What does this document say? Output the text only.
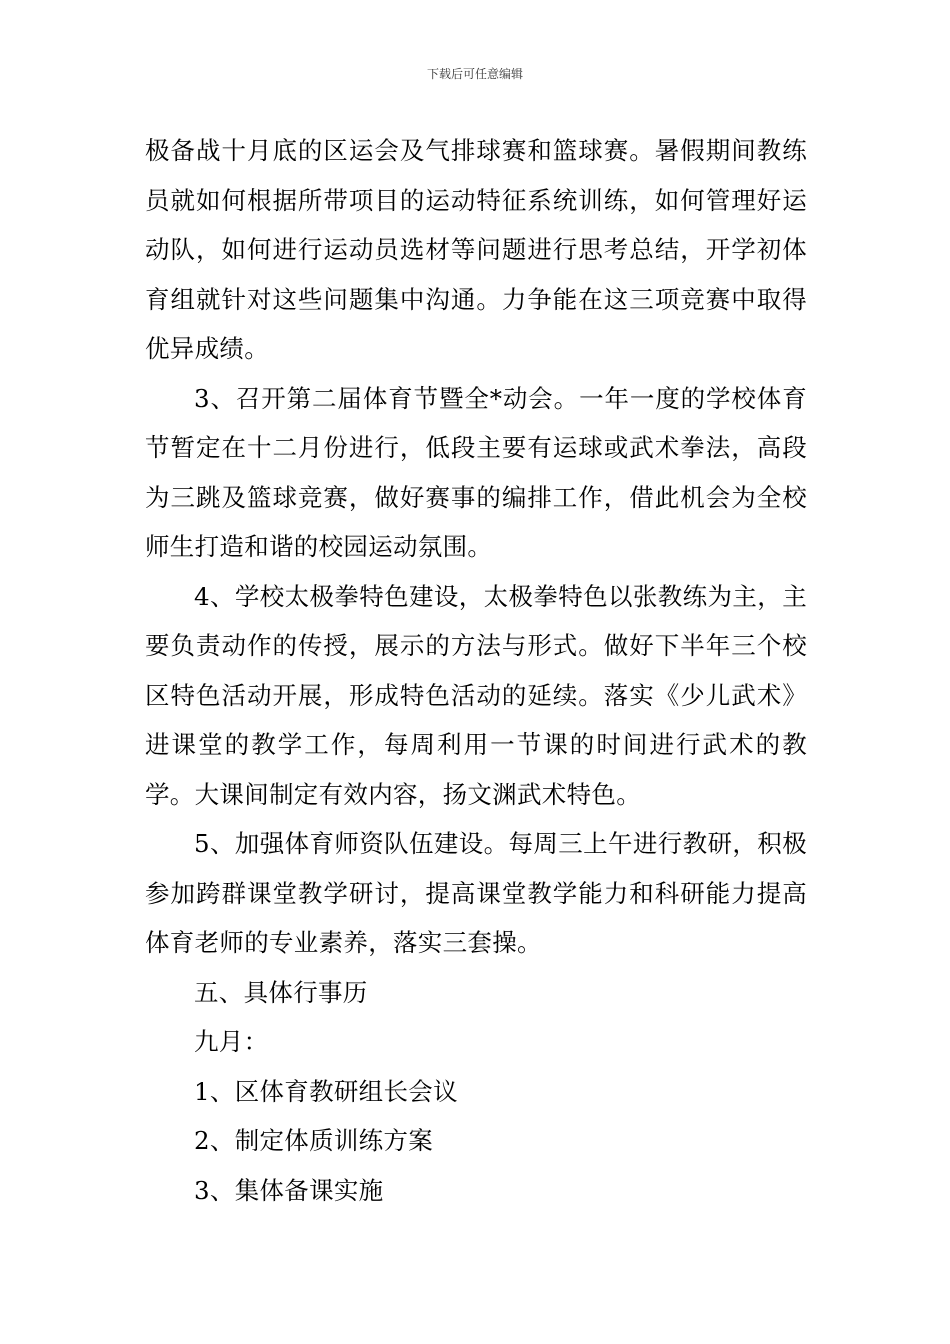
下载后可任意编辑

极备战十月底的区运会及气排球赛和篮球赛。暑假期间教练员就如何根据所带项目的运动特征系统训练，如何管理好运动队，如何进行运动员选材等问题进行思考总结，开学初体育组就针对这些问题集中沟通。力争能在这三项竞赛中取得优异成绩。

3、召开第二届体育节暨全*动会。一年一度的学校体育节暂定在十二月份进行，低段主要有运球或武术拳法，高段为三跳及篮球竞赛，做好赛事的编排工作，借此机会为全校师生打造和谐的校园运动氛围。

4、学校太极拳特色建设，太极拳特色以张教练为主，主要负责动作的传授，展示的方法与形式。做好下半年三个校区特色活动开展，形成特色活动的延续。落实《少儿武术》进课堂的教学工作，每周利用一节课的时间进行武术的教学。大课间制定有效内容，扬文渊武术特色。

5、加强体育师资队伍建设。每周三上午进行教研，积极参加跨群课堂教学研讨，提高课堂教学能力和科研能力提高体育老师的专业素养，落实三套操。

五、具体行事历

九月：

1、区体育教研组长会议

2、制定体质训练方案

3、集体备课实施
